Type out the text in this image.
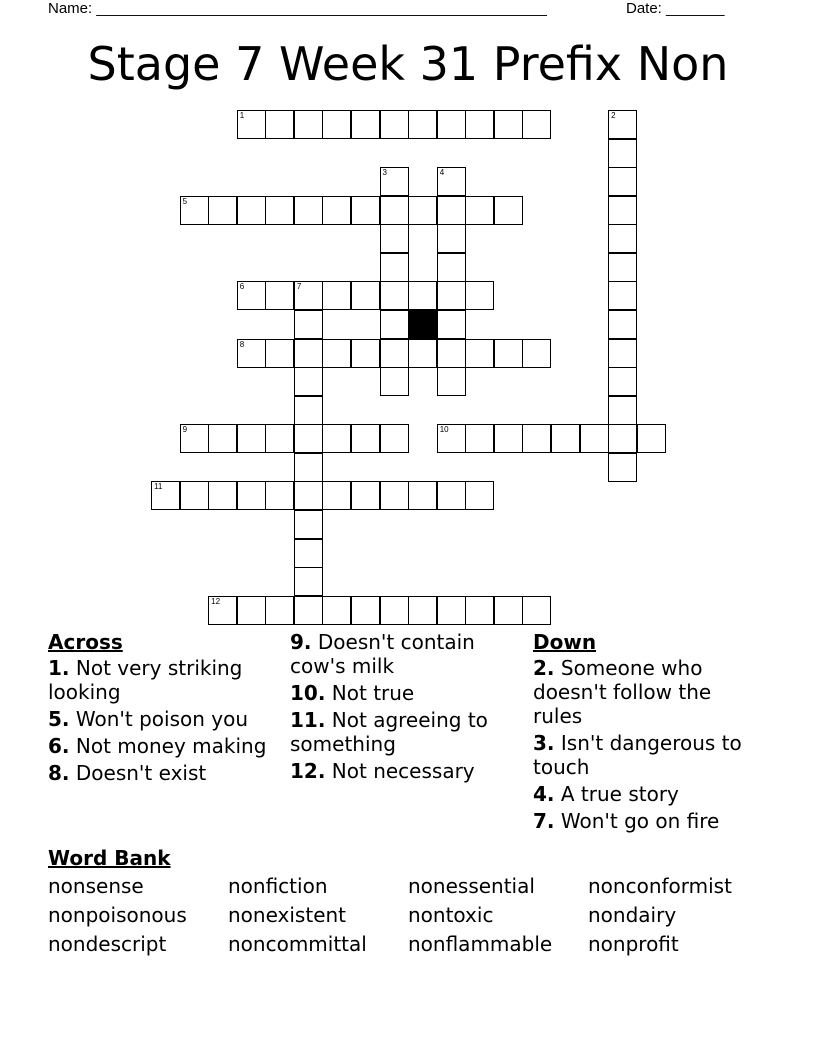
Name: ______________________________________________________	Date: _______
Stage 7 Week 31 Prefix Non
1	2
3	4
5
6	7
8
9	10
11
12
Across
1. Not very striking looking
5. Won't poison you
6. Not money making
8. Doesn't exist
9. Doesn't contain cow's milk
10. Not true
11. Not agreeing to something
12. Not necessary
Down
2. Someone who doesn't follow the rules
3. Isn't dangerous to touch
4. A true story
7. Won't go on fire
Word Bank
nonsense	nonfiction	nonessential	nonconformist
nonpoisonous	nonexistent	nontoxic	nondairy
nondescript	noncommittal	nonflammable	nonprofit
